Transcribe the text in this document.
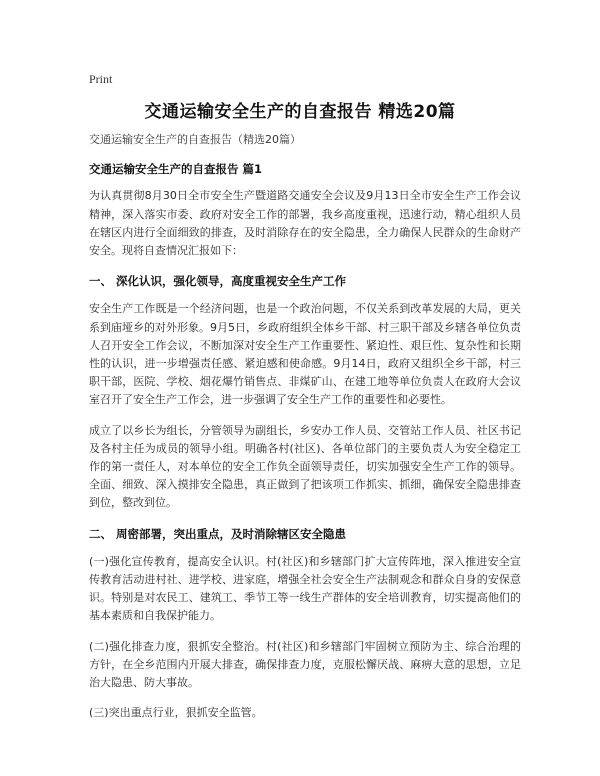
Print
交通运输安全生产的自查报告 精选20篇
交通运输安全生产的自查报告（精选20篇）
交通运输安全生产的自查报告 篇1

为认真贯彻8月30日全市安全生产暨道路交通安全会议及9月13日全市安全生产工作会议精神，深入落实市委、政府对安全工作的部署，我乡高度重视，迅速行动，精心组织人员在辖区内进行全面细致的排查，及时消除存在的安全隐患，全力确保人民群众的生命财产安全。现将自查情况汇报如下：

一、 深化认识，强化领导，高度重视安全生产工作

安全生产工作既是一个经济问题，也是一个政治问题，不仅关系到改革发展的大局，更关系到庙垭乡的对外形象。9月5日，乡政府组织全体乡干部、村三职干部及乡辖各单位负责人召开安全工作会议，不断加深对安全生产工作重要性、紧迫性、艰巨性、复杂性和长期性的认识，进一步增强责任感、紧迫感和使命感。9月14日，政府又组织全乡干部，村三职干部，医院、学校、烟花爆竹销售点、非煤矿山、在建工地等单位负责人在政府大会议室召开了安全生产工作会，进一步强调了安全生产工作的重要性和必要性。

成立了以乡长为组长，分管领导为副组长，乡安办工作人员、交管站工作人员、社区书记及各村主任为成员的领导小组。明确各村(社区)、各单位部门的主要负责人为安全稳定工作的第一责任人，对本单位的安全工作负全面领导责任，切实加强安全生产工作的领导。全面、细致、深入摸排安全隐患，真正做到了把该项工作抓实、抓细，确保安全隐患排查到位，整改到位。

二、 周密部署，突出重点，及时消除辖区安全隐患

(一)强化宣传教育，提高安全认识。村(社区)和乡辖部门扩大宣传阵地，深入推进安全宣传教育活动进村社、进学校、进家庭，增强全社会安全生产法制观念和群众自身的安保意识。特别是对农民工、建筑工、季节工等一线生产群体的安全培训教育，切实提高他们的基本素质和自我保护能力。

(二)强化排查力度，狠抓安全整治。村(社区)和乡辖部门牢固树立预防为主、综合治理的方针，在全乡范围内开展大排查，确保排查力度，克服松懈厌战、麻痹大意的思想，立足治大隐患、防大事故。

(三)突出重点行业，狠抓安全监管。
